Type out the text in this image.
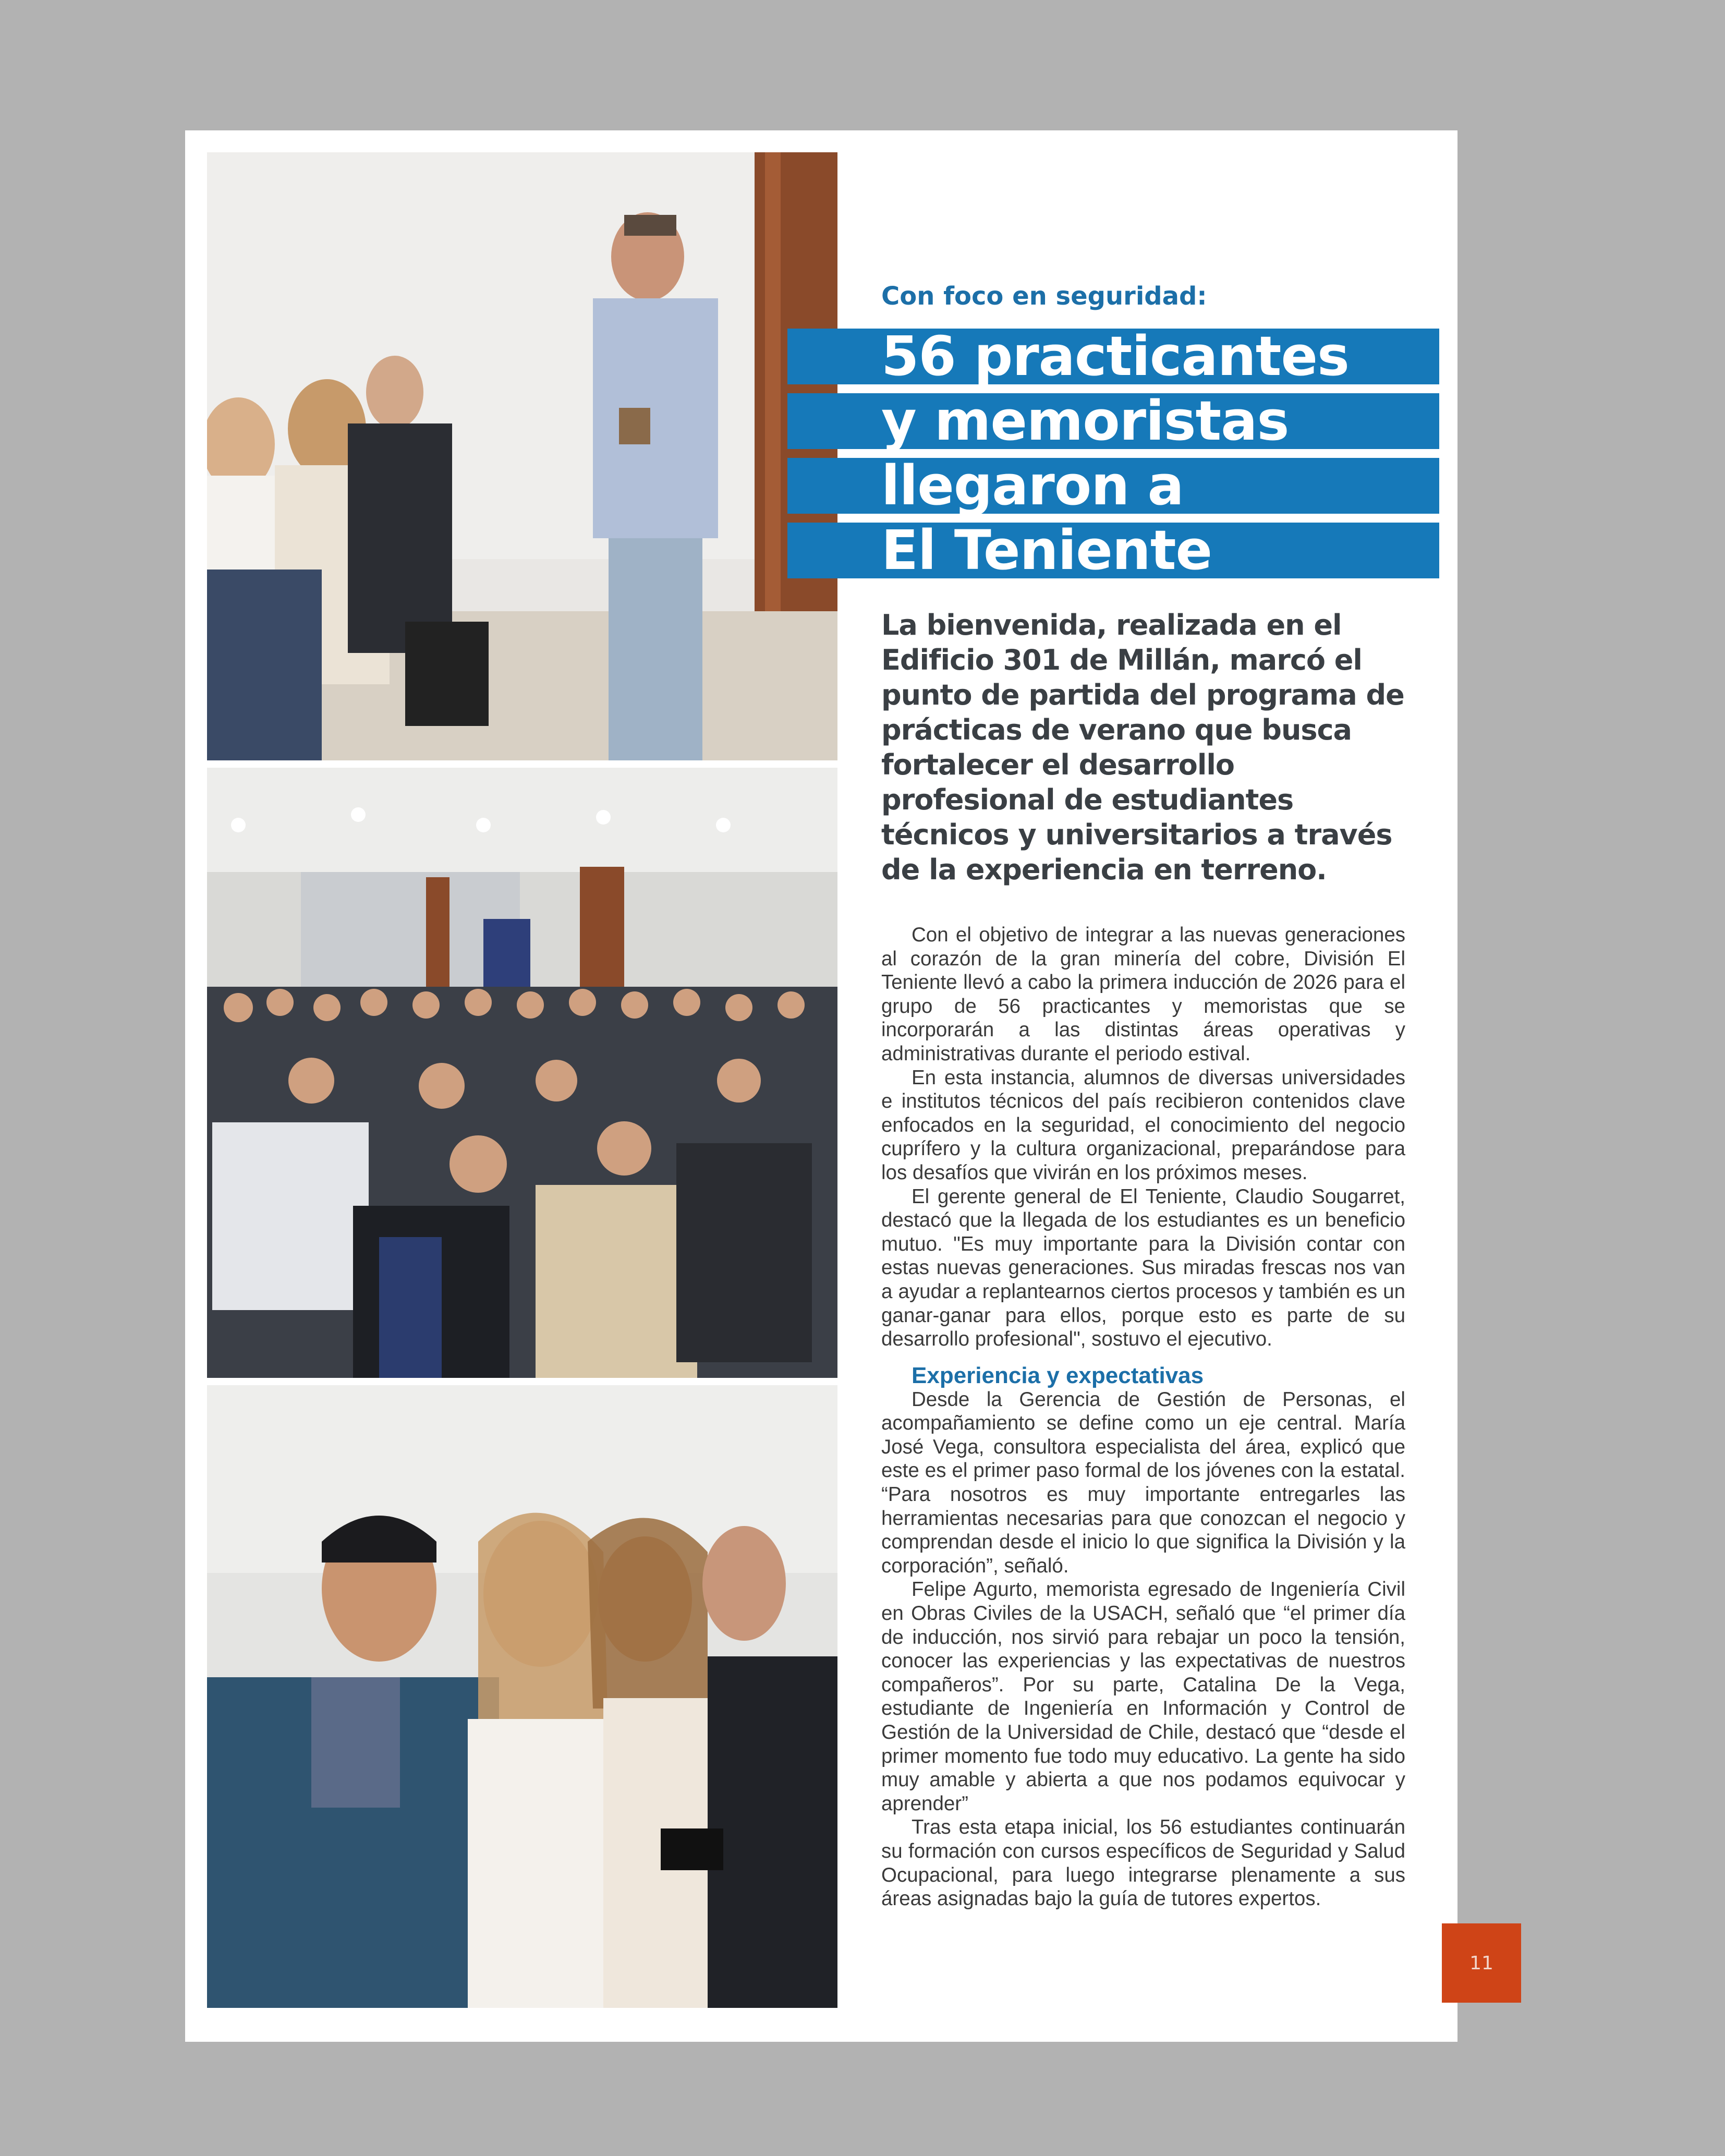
Con foco en seguridad:
56 practicantes
y memoristas
llegaron a
El Teniente
La bienvenida, realizada en el Edificio 301 de Millán, marcó el punto de partida del programa de prácticas de verano que busca fortalecer el desarrollo profesional de estudiantes técnicos y universitarios a través de la experiencia en terreno.

Con el objetivo de integrar a las nuevas generaciones al corazón de la gran minería del cobre, División El Teniente llevó a cabo la primera inducción de 2026 para el grupo de 56 practicantes y memoristas que se incorporarán a las distintas áreas operativas y administrativas durante el periodo estival.

En esta instancia, alumnos de diversas universidades e institutos técnicos del país recibieron contenidos clave enfocados en la seguridad, el conocimiento del negocio cuprífero y la cultura organizacional, preparándose para los desafíos que vivirán en los próximos meses.

El gerente general de El Teniente, Claudio Sougarret, destacó que la llegada de los estudiantes es un beneficio mutuo. "Es muy importante para la División contar con estas nuevas generaciones. Sus miradas frescas nos van a ayudar a replantearnos ciertos procesos y también es un ganar-ganar para ellos, porque esto es parte de su desarrollo profesional", sostuvo el ejecutivo.

Experiencia y expectativas

Desde la Gerencia de Gestión de Personas, el acompañamiento se define como un eje central. María José Vega, consultora especialista del área, explicó que este es el primer paso formal de los jóvenes con la estatal. “Para nosotros es muy importante entregarles las herramientas necesarias para que conozcan el negocio y comprendan desde el inicio lo que significa la División y la corporación”, señaló.

Felipe Agurto, memorista egresado de Ingeniería Civil en Obras Civiles de la USACH, señaló que “el primer día de inducción, nos sirvió para rebajar un poco la tensión, conocer las experiencias y las expectativas de nuestros compañeros”. Por su parte, Catalina De la Vega, estudiante de Ingeniería en Información y Control de Gestión de la Universidad de Chile, destacó que “desde el primer momento fue todo muy educativo. La gente ha sido muy amable y abierta a que nos podamos equivocar y aprender”

Tras esta etapa inicial, los 56 estudiantes continuarán su formación con cursos específicos de Seguridad y Salud Ocupacional, para luego integrarse plenamente a sus áreas asignadas bajo la guía de tutores expertos.

11
